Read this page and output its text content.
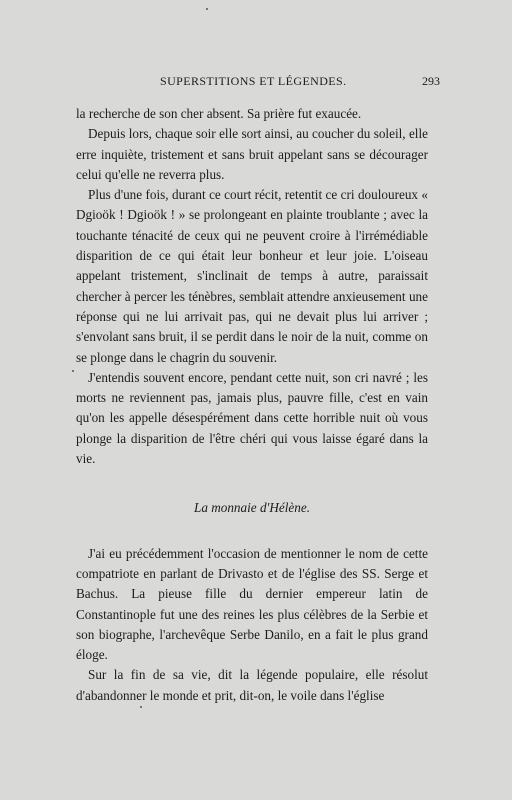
SUPERSTITIONS ET LÉGENDES.	293

la recherche de son cher absent. Sa prière fut exaucée.

Depuis lors, chaque soir elle sort ainsi, au coucher du soleil, elle erre inquiète, tristement et sans bruit appelant sans se décourager celui qu'elle ne reverra plus.

Plus d'une fois, durant ce court récit, retentit ce cri douloureux « Dgioök ! Dgioök ! » se prolongeant en plainte troublante ; avec la touchante ténacité de ceux qui ne peuvent croire à l'irrémédiable disparition de ce qui était leur bonheur et leur joie. L'oiseau appelant tristement, s'inclinait de temps à autre, paraissait chercher à percer les ténèbres, semblait attendre anxieusement une réponse qui ne lui arrivait pas, qui ne devait plus lui arriver ; s'envolant sans bruit, il se perdit dans le noir de la nuit, comme on se plonge dans le chagrin du souvenir.

J'entendis souvent encore, pendant cette nuit, son cri navré ; les morts ne reviennent pas, jamais plus, pauvre fille, c'est en vain qu'on les appelle désespérément dans cette horrible nuit où vous plonge la disparition de l'être chéri qui vous laisse égaré dans la vie.

La monnaie d'Hélène.

J'ai eu précédemment l'occasion de mentionner le nom de cette compatriote en parlant de Drivasto et de l'église des SS. Serge et Bachus. La pieuse fille du dernier empereur latin de Constantinople fut une des reines les plus célèbres de la Serbie et son biographe, l'archevêque Serbe Danilo, en a fait le plus grand éloge.

Sur la fin de sa vie, dit la légende populaire, elle résolut d'abandonner le monde et prit, dit-on, le voile dans l'église
